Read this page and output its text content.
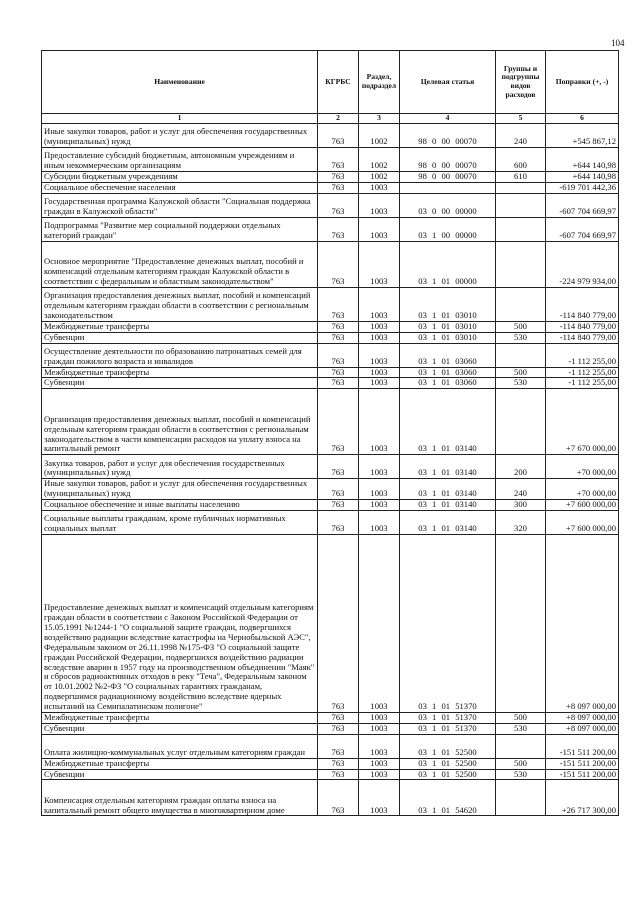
104
Наименование	КГРБС	Раздел, подраздел	Целевая статья	Группы и подгруппы видов расходов	Поправки (+, -)
1	2	3	4	5	6
Иные закупки товаров, работ и услуг для обеспечения государственных (муниципальных) нужд	763	1002	98 0 00 00070	240	+545 867,12
Предоставление субсидий бюджетным, автономным учреждениям и иным некоммерческим организациям	763	1002	98 0 00 00070	600	+644 140,98
Субсидии бюджетным учреждениям	763	1002	98 0 00 00070	610	+644 140,98
Социальное обеспечение населения	763	1003			-619 701 442,36
Государственная программа Калужской области "Социальная поддержка граждан в Калужской области"	763	1003	03 0 00 00000		-607 704 669,97
Подпрограмма "Развитие мер социальной поддержки отдельных категорий граждан"	763	1003	03 1 00 00000		-607 704 669,97
Основное мероприятие "Предоставление денежных выплат, пособий и компенсаций отдельным категориям граждан Калужской области в соответствии с федеральным и областным законодательством"	763	1003	03 1 01 00000		-224 979 934,00
Организация предоставления денежных выплат, пособий и компенсаций отдельным категориям граждан области в соответствии с региональным законодательством	763	1003	03 1 01 03010		-114 840 779,00
Межбюджетные трансферты	763	1003	03 1 01 03010	500	-114 840 779,00
Субвенции	763	1003	03 1 01 03010	530	-114 840 779,00
Осуществление деятельности по образованию патронатных семей для граждан пожилого возраста и инвалидов	763	1003	03 1 01 03060		-1 112 255,00
Межбюджетные трансферты	763	1003	03 1 01 03060	500	-1 112 255,00
Субвенции	763	1003	03 1 01 03060	530	-1 112 255,00
Организация предоставления денежных выплат, пособий и компенсаций отдельным категориям граждан области в соответствии с региональным законодательством в части компенсации расходов на уплату взноса на капитальный ремонт	763	1003	03 1 01 03140		+7 670 000,00
Закупка товаров, работ и услуг для обеспечения государственных (муниципальных) нужд	763	1003	03 1 01 03140	200	+70 000,00
Иные закупки товаров, работ и услуг для обеспечения государственных (муниципальных) нужд	763	1003	03 1 01 03140	240	+70 000,00
Социальное обеспечение и иные выплаты населению	763	1003	03 1 01 03140	300	+7 600 000,00
Социальные выплаты гражданам, кроме публичных нормативных социальных выплат	763	1003	03 1 01 03140	320	+7 600 000,00
Предоставление денежных выплат и компенсаций отдельным категориям граждан области в соответствии с Законом Российской Федерации от 15.05.1991 №1244-1 "О социальной защите граждан, подвергшихся воздействию радиации вследствие катастрофы на Чернобыльской АЭС", Федеральным законом от 26.11.1998 №175-ФЗ "О социальной защите граждан Российской Федерации, подвергшихся воздействию радиации вследствие аварии в 1957 году на производственном объединении "Маяк" и сбросов радиоактивных отходов в реку "Теча", Федеральным законом от 10.01.2002 №2-ФЗ "О социальных гарантиях гражданам, подвергшимся радиационному воздействию вследствие ядерных испытаний на Семипалатинском полигоне"	763	1003	03 1 01 51370		+8 097 000,00
Межбюджетные трансферты	763	1003	03 1 01 51370	500	+8 097 000,00
Субвенции	763	1003	03 1 01 51370	530	+8 097 000,00
Оплата жилищно-коммунальных услуг отдельным категориям граждан	763	1003	03 1 01 52500		-151 511 200,00
Межбюджетные трансферты	763	1003	03 1 01 52500	500	-151 511 200,00
Субвенции	763	1003	03 1 01 52500	530	-151 511 200,00
Компенсация отдельным категориям граждан оплаты взноса на капитальный ремонт общего имущества в многоквартирном доме	763	1003	03 1 01 54620		+26 717 300,00
